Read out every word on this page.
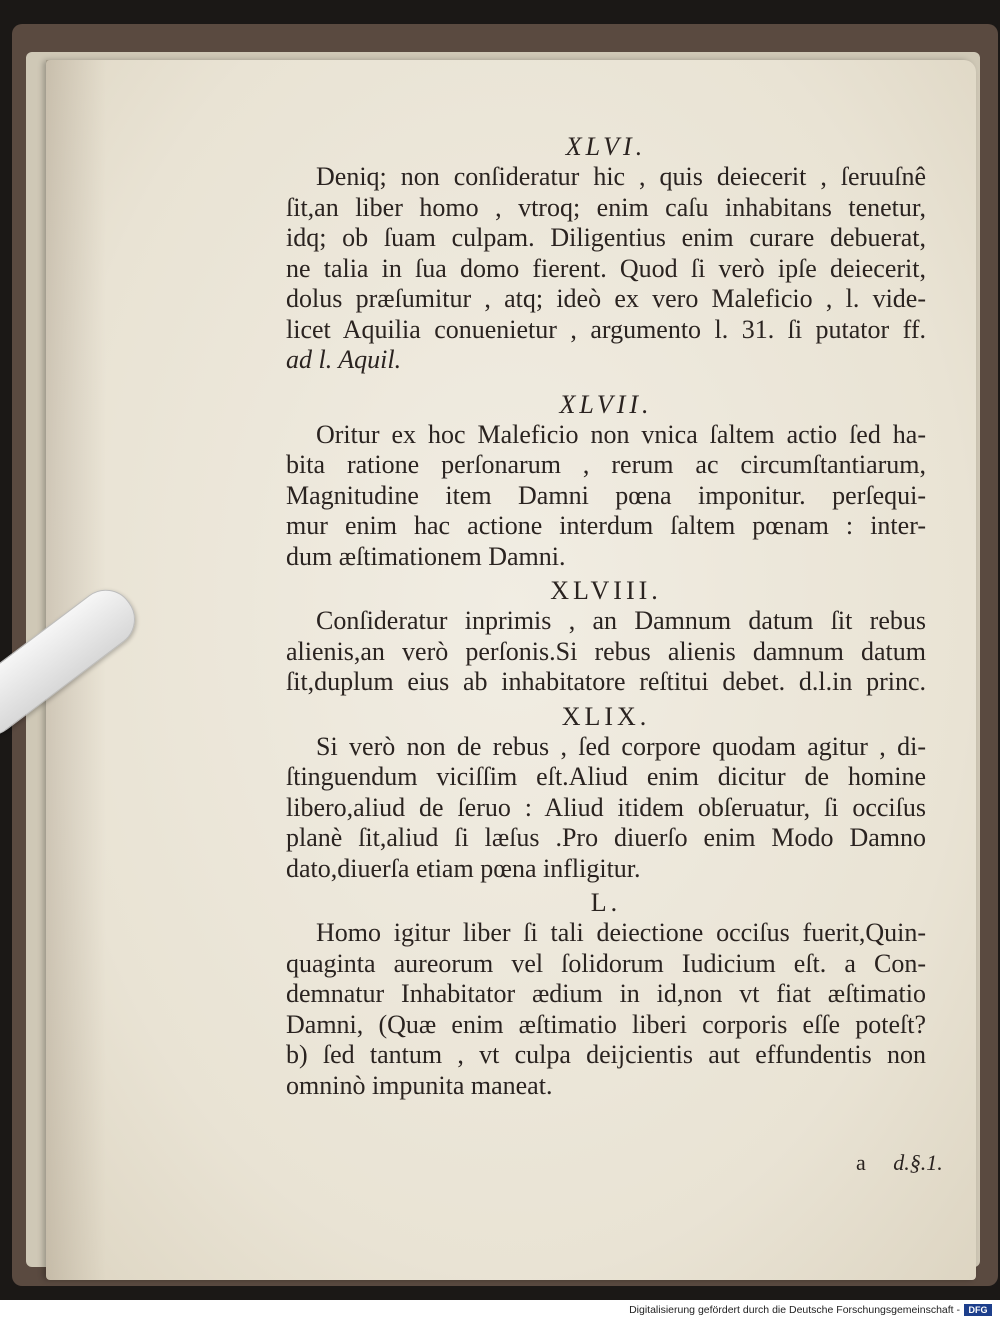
XLVI.
Deniq; non conſideratur hic , quis deiecerit , ſeruuſnê
ſit,an liber homo , vtroq; enim caſu inhabitans tenetur,
idq; ob ſuam culpam. Diligentius enim curare debuerat,
ne talia in ſua domo fierent. Quod ſi verò ipſe deiecerit,
dolus præſumitur , atq; ideò ex vero Maleficio , l. vide-
licet Aquilia conuenietur , argumento l. 31. ſi putator ff.
ad l. Aquil.
XLVII.
Oritur ex hoc Maleficio non vnica ſaltem actio ſed ha-
bita ratione perſonarum , rerum ac circumſtantiarum,
Magnitudine item Damni pœna imponitur. perſequi-
mur enim hac actione interdum ſaltem pœnam : inter-
dum æſtimationem Damni.
XLVIII.
Conſideratur inprimis , an Damnum datum ſit rebus
alienis,an verò perſonis.Si rebus alienis damnum datum
ſit,duplum eius ab inhabitatore reſtitui debet. d.l.in princ.
XLIX.
Si verò non de rebus , ſed corpore quodam agitur , di-
ſtinguendum viciſſim eſt.Aliud enim dicitur de homine
libero,aliud de ſeruo : Aliud itidem obſeruatur, ſi occiſus
planè ſit,aliud ſi læſus .Pro diuerſo enim Modo Damno
dato,diuerſa etiam pœna infligitur.
L.
Homo igitur liber ſi tali deiectione occiſus fuerit,Quin-
quaginta aureorum vel ſolidorum Iudicium eſt. a Con-
demnatur Inhabitator ædium in id,non vt fiat æſtimatio
Damni, (Quæ enim æſtimatio liberi corporis eſſe poteſt?
b) ſed tantum , vt culpa deijcientis aut effundentis non
omninò impunita maneat.
a d.§.1.
Digitalisierung gefördert durch die Deutsche Forschungsgemeinschaft - DFG
